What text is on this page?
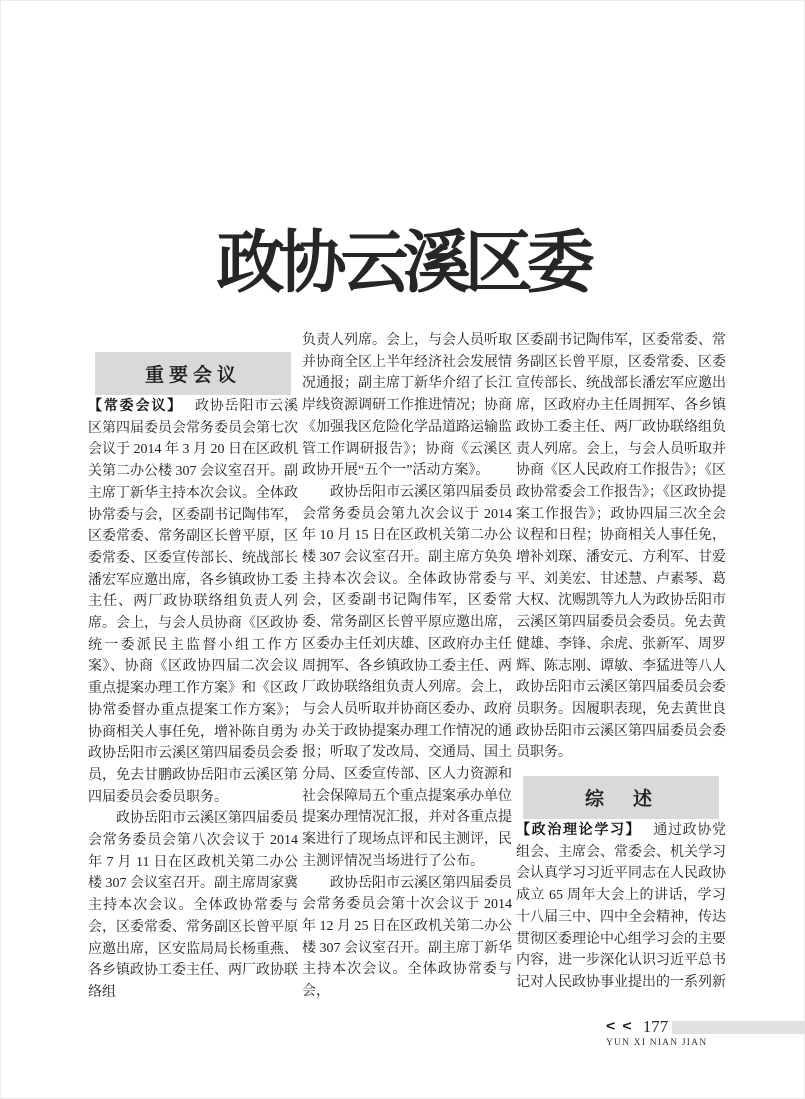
政协云溪区委
重要会议

【常委会议】 政协岳阳市云溪区第四届委员会常务委员会第七次会议于 2014 年 3 月 20 日在区政机关第二办公楼 307 会议室召开。副主席丁新华主持本次会议。全体政协常委与会，区委副书记陶伟军，区委常委、常务副区长曾平原，区委常委、区委宣传部长、统战部长潘宏军应邀出席，各乡镇政协工委主任、两厂政协联络组负责人列席。会上，与会人员协商《区政协统一委派民主监督小组工作方案》、协商《区政协四届二次会议重点提案办理工作方案》和《区政协常委督办重点提案工作方案》；协商相关人事任免，增补陈自勇为政协岳阳市云溪区第四届委员会委员，免去甘鹏政协岳阳市云溪区第四届委员会委员职务。

政协岳阳市云溪区第四届委员会常务委员会第八次会议于 2014 年 7 月 11 日在区政机关第二办公楼 307 会议室召开。副主席周家冀主持本次会议。全体政协常委与会，区委常委、常务副区长曾平原应邀出席，区安监局局长杨重燕、各乡镇政协工委主任、两厂政协联络组

负责人列席。会上，与会人员听取并协商全区上半年经济社会发展情况通报；副主席丁新华介绍了长江岸线资源调研工作推进情况；协商《加强我区危险化学品道路运输监管工作调研报告》；协商《云溪区政协开展“五个一”活动方案》。

政协岳阳市云溪区第四届委员会常务委员会第九次会议于 2014 年 10 月 15 日在区政机关第二办公楼 307 会议室召开。副主席方奂奂主持本次会议。全体政协常委与会，区委副书记陶伟军，区委常委、常务副区长曾平原应邀出席，区委办主任刘庆雄、区政府办主任周拥军、各乡镇政协工委主任、两厂政协联络组负责人列席。会上，与会人员听取并协商区委办、政府办关于政协提案办理工作情况的通报；听取了发改局、交通局、国土分局、区委宣传部、区人力资源和社会保障局五个重点提案承办单位提案办理情况汇报，并对各重点提案进行了现场点评和民主测评，民主测评情况当场进行了公布。

政协岳阳市云溪区第四届委员会常务委员会第十次会议于 2014 年 12 月 25 日在区政机关第二办公楼 307 会议室召开。副主席丁新华主持本次会议。全体政协常委与会，

区委副书记陶伟军，区委常委、常务副区长曾平原，区委常委、区委宣传部长、统战部长潘宏军应邀出席，区政府办主任周拥军、各乡镇政协工委主任、两厂政协联络组负责人列席。会上，与会人员听取并协商《区人民政府工作报告》；《区政协常委会工作报告》；《区政协提案工作报告》；政协四届三次全会议程和日程；协商相关人事任免，增补刘琛、潘安元、方利军、甘爱平、刘美宏、甘述慧、卢素琴、葛大权、沈赐凯等九人为政协岳阳市云溪区第四届委员会委员。免去黄健雄、李锋、余虎、张新军、周罗辉、陈志刚、谭敏、李猛进等八人政协岳阳市云溪区第四届委员会委员职务。因履职表现，免去黄世良政协岳阳市云溪区第四届委员会委员职务。

综　述

【政治理论学习】 通过政协党组会、主席会、常委会、机关学习会认真学习习近平同志在人民政协成立 65 周年大会上的讲话，学习十八届三中、四中全会精神，传达贯彻区委理论中心组学习会的主要内容，进一步深化认识习近平总书记对人民政协事业提出的一系列新

< < 177
YUN XI NIAN JIAN
